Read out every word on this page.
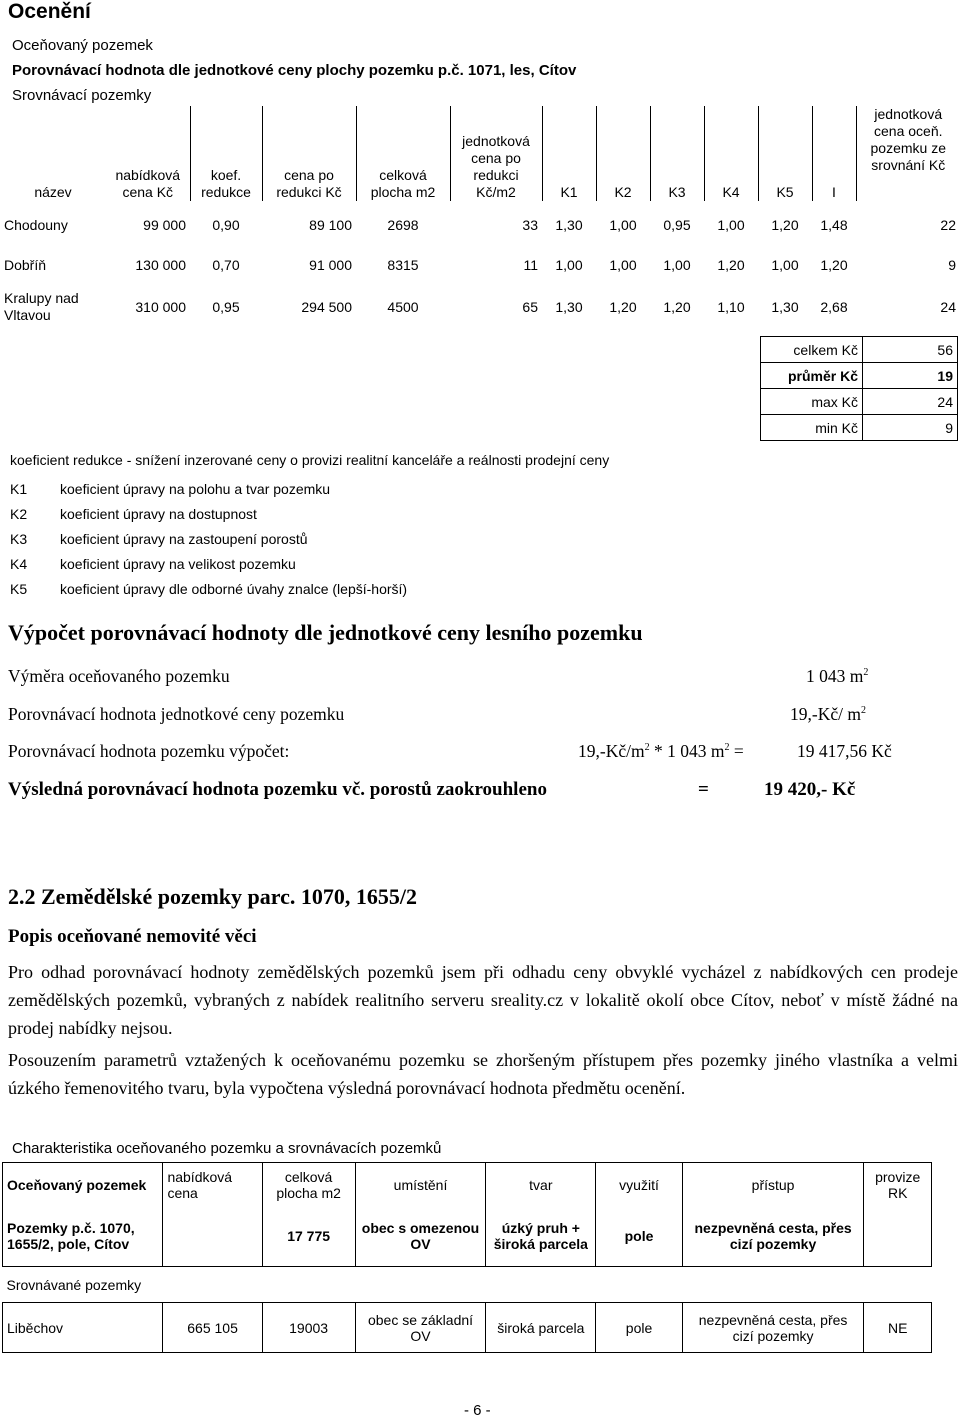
Ocenění
Oceňovaný pozemek
Porovnávací hodnota dle jednotkové ceny plochy pozemku p.č. 1071, les, Cítov
Srovnávací pozemky
název	nabídková cena Kč	koef. redukce	cena po redukci Kč	celková plocha m2	jednotková cena po redukci Kč/m2	K1	K2	K3	K4	K5	I	jednotková cena oceň. pozemku ze srovnání Kč
Chodouny	99 000	0,90	89 100	2698	33	1,30	1,00	0,95	1,00	1,20	1,48	22
Dobříň	130 000	0,70	91 000	8315	11	1,00	1,00	1,00	1,20	1,00	1,20	9
Kralupy nad Vltavou	310 000	0,95	294 500	4500	65	1,30	1,20	1,20	1,10	1,30	2,68	24
celkem Kč	56
průměr Kč	19
max Kč	24
min Kč	9
koeficient redukce - snížení inzerované ceny o provizi realitní kanceláře a reálnosti prodejní ceny
K1	koeficient úpravy na polohu a tvar pozemku
K2	koeficient úpravy na dostupnost
K3	koeficient úpravy na zastoupení porostů
K4	koeficient úpravy na velikost pozemku
K5	koeficient úpravy dle odborné úvahy znalce (lepší-horší)
Výpočet porovnávací hodnoty dle jednotkové ceny lesního pozemku
Výměra oceňovaného pozemku	1 043 $m^2$
Porovnávací hodnota jednotkové ceny pozemku	19,-Kč/ $m^2$
Porovnávací hodnota pozemku výpočet:	$19,-Kč/m^2 * 1$ 043 $m^2$ =	19 417,56 Kč
Výsledná porovnávací hodnota pozemku vč. porostů zaokrouhleno	=	19 420,- Kč
2.2 Zemědělské pozemky parc. 1070, 1655/2
Popis oceňované nemovité věci
Pro odhad porovnávací hodnoty zemědělských pozemků jsem při odhadu ceny obvyklé vycházel z nabídkových cen prodeje zemědělských pozemků, vybraných z nabídek realitního serveru sreality.cz v lokalitě okolí obce Cítov, neboť v místě žádné na prodej nabídky nejsou.
Posouzením parametrů vztažených k oceňovanému pozemku se zhoršeným přístupem přes pozemky jiného vlastníka a velmi úzkého řemenovitého tvaru, byla vypočtena výsledná porovnávací hodnota předmětu ocenění.
Charakteristika oceňovaného pozemku a srovnávacích pozemků
Oceňovaný pozemek	nabídková cena	celková plocha m2	umístění	tvar	využití	přístup	provize RK
Pozemky p.č. 1070, 1655/2, pole, Cítov		17 775	obec s omezenou OV	úzký pruh + široká parcela	pole	nezpevněná cesta, přes cizí pozemky	
Srovnávané pozemky							
Liběchov	665 105	19003	obec se základní OV	široká parcela	pole	nezpevněná cesta, přes cizí pozemky	NE
- 6 -
